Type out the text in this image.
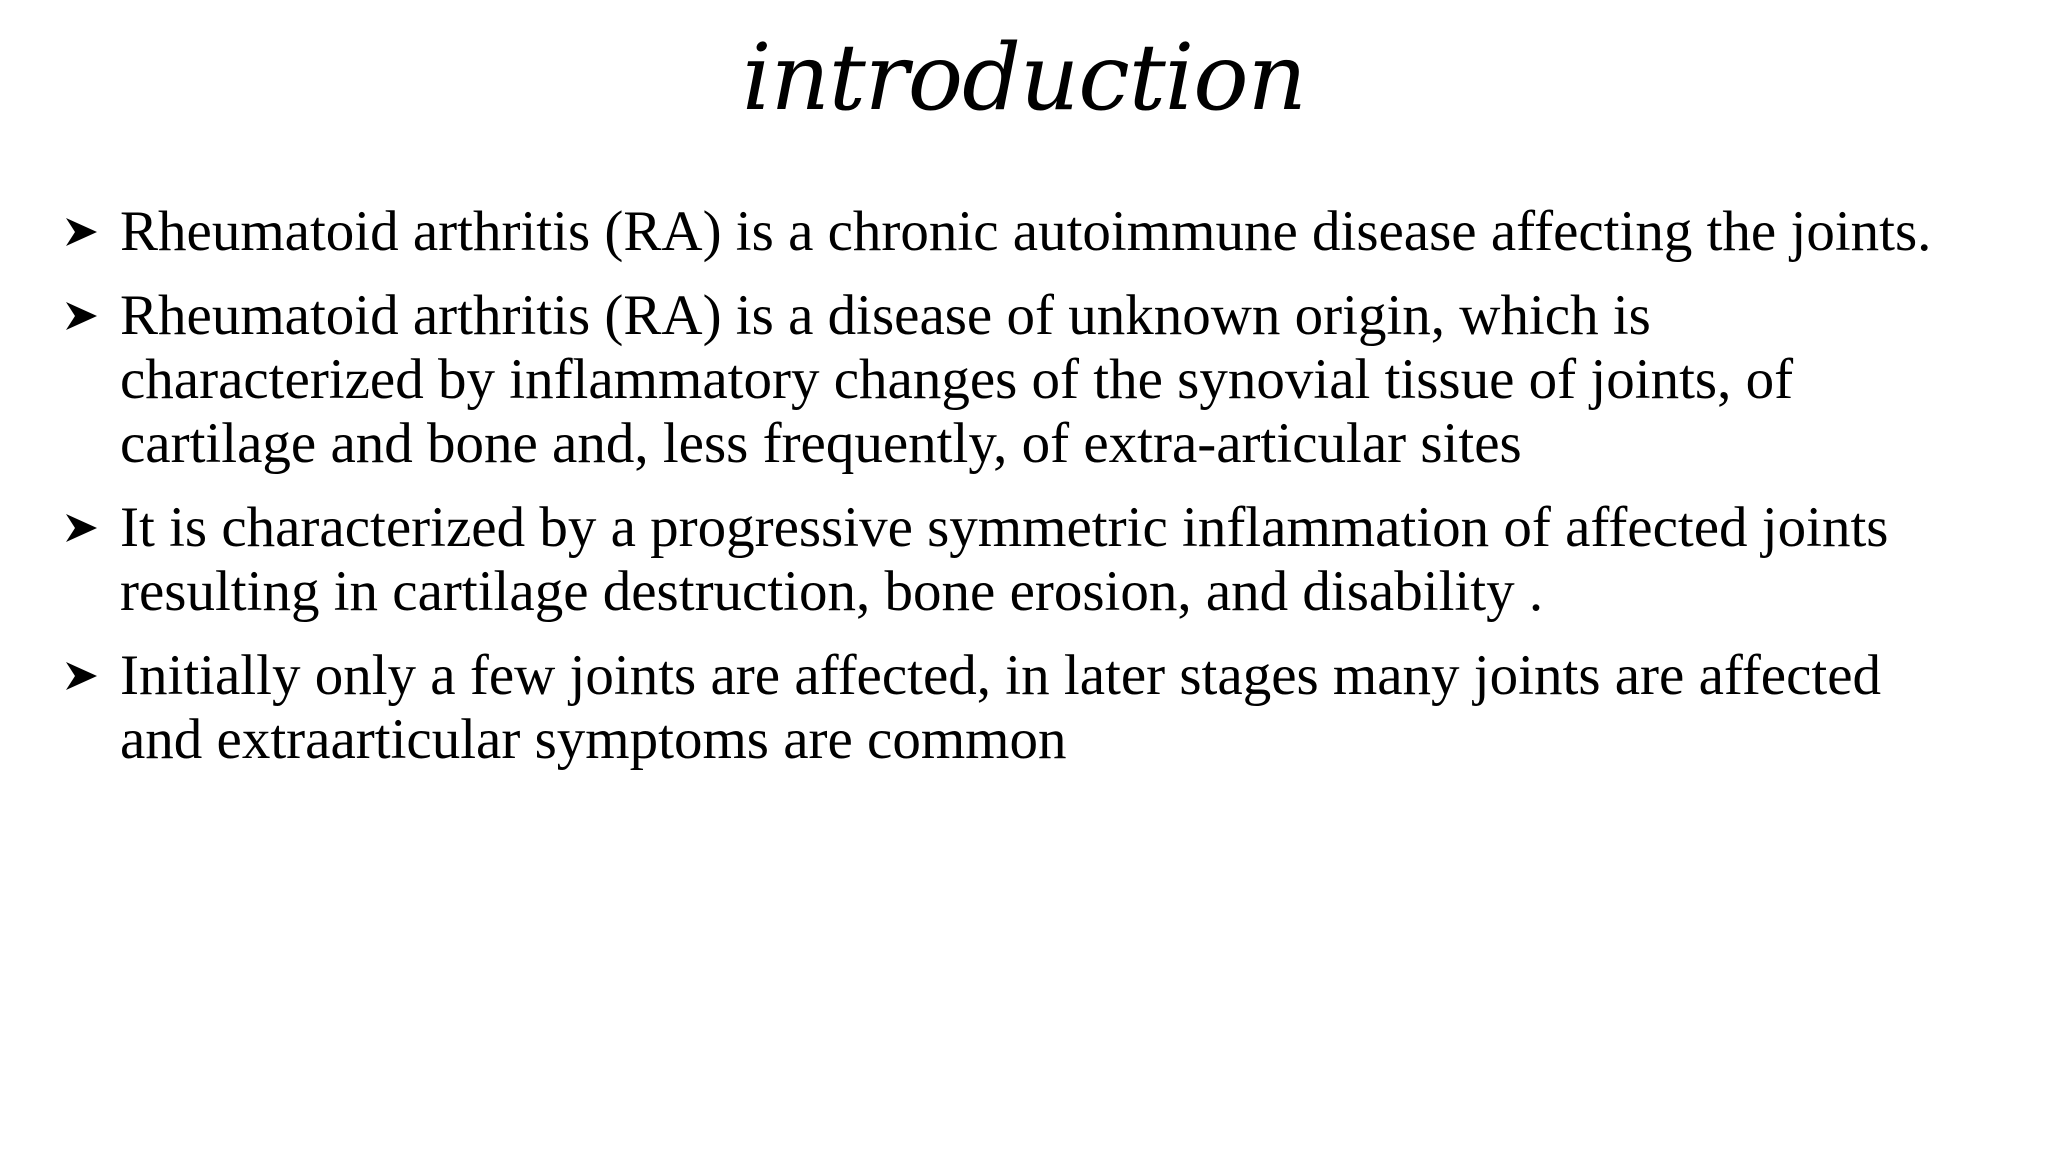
introduction
Rheumatoid arthritis (RA) is a chronic autoimmune disease affecting the joints.
Rheumatoid arthritis (RA) is a disease of unknown origin, which is characterized by inflammatory changes of the synovial tissue of joints, of cartilage and bone and, less frequently, of extra-articular sites
It is characterized by a progressive symmetric inflammation of affected joints resulting in cartilage destruction, bone erosion, and disability .
Initially only a few joints are affected, in later stages many joints are affected and extraarticular symptoms are common
